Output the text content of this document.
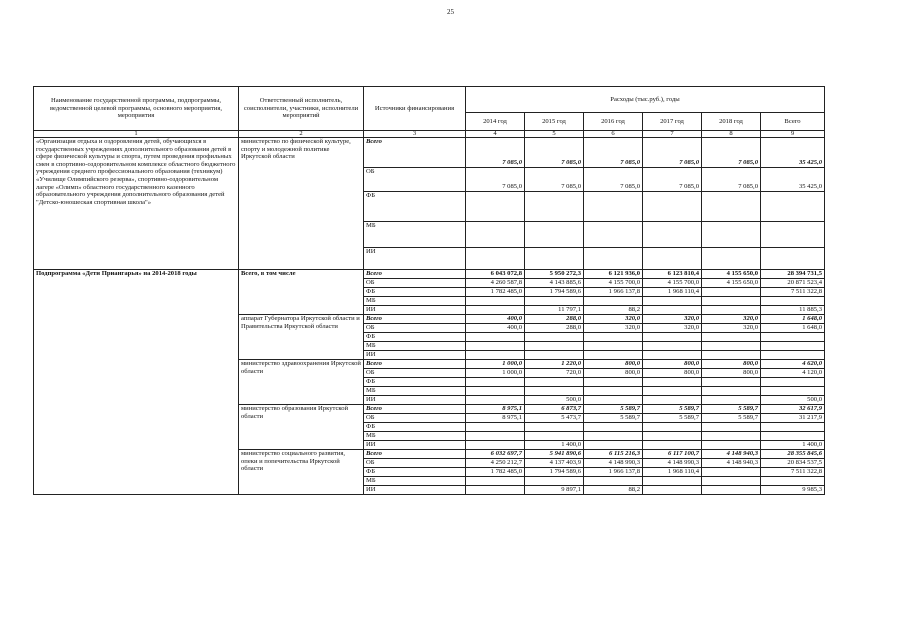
25
Наименование государственной программы, подпрограммы, ведомственной целевой программы, основного мероприятия, мероприятия	Ответственный исполнитель, соисполнители, участники, исполнители мероприятий	Источники финансирования	Расходы (тыс.руб.), годы					
			2014 год	2015 год	2016 год	2017 год	2018 год	Всего
1	2	3	4	5	6	7	8	9
«Организация отдыха и оздоровления детей, обучающихся в государственных учреждениях дополнительного образования детей в сфере физической культуры и спорта, путем проведения профильных смен в спортивно-оздоровительном комплексе областного бюджетного учреждения среднего профессионального образования (техникум) «Училище Олимпийского резерва», спортивно-оздоровительном лагере «Олимп» областного государственного казенного образовательного учреждения дополнительного образования детей "Детско-юношеская спортивная школа"»	министерство по физической культуре, спорту и молодежной политике Иркутской области	Всего	7 085,0	7 085,0	7 085,0	7 085,0	7 085,0	35 425,0
		ОБ	7 085,0	7 085,0	7 085,0	7 085,0	7 085,0	35 425,0
		ФБ						
		МБ						
		ИИ						
Подпрограмма «Дети Приангарья» на 2014-2018 годы	Всего, в том числе	Всего	6 043 072,8	5 950 272,3	6 121 936,0	6 123 810,4	4 155 650,0	28 394 731,5
		ОБ	4 260 587,8	4 143 885,6	4 155 700,0	4 155 700,0	4 155 650,0	20 871 523,4
		ФБ	1 782 485,0	1 794 589,6	1 966 137,8	1 968 110,4		7 511 322,8
		МБ						
		ИИ		11 797,1	88,2			11 885,3
	аппарат Губернатора Иркутской области и Правительства Иркутской области	Всего	400,0	288,0	320,0	320,0	320,0	1 648,0
		ОБ	400,0	288,0	320,0	320,0	320,0	1 648,0
		ФБ						
		МБ						
		ИИ						
	министерство здравоохранения Иркутской области	Всего	1 000,0	1 220,0	800,0	800,0	800,0	4 620,0
		ОБ	1 000,0	720,0	800,0	800,0	800,0	4 120,0
		ФБ						
		МБ						
		ИИ		500,0				500,0
	министерство образования Иркутской области	Всего	8 975,1	6 873,7	5 589,7	5 589,7	5 589,7	32 617,9
		ОБ	8 975,1	5 473,7	5 589,7	5 589,7	5 589,7	31 217,9
		ФБ						
		МБ						
		ИИ		1 400,0				1 400,0
	министерство социального развития, опеки и попечительства Иркутской области	Всего	6 032 697,7	5 941 890,6	6 115 216,3	6 117 100,7	4 148 940,3	28 355 845,6
		ОБ	4 250 212,7	4 137 403,9	4 148 990,3	4 148 990,3	4 148 940,3	20 834 537,5
		ФБ	1 782 485,0	1 794 589,6	1 966 137,8	1 968 110,4		7 511 322,8
		МБ						
		ИИ		9 897,1	88,2			9 985,3
